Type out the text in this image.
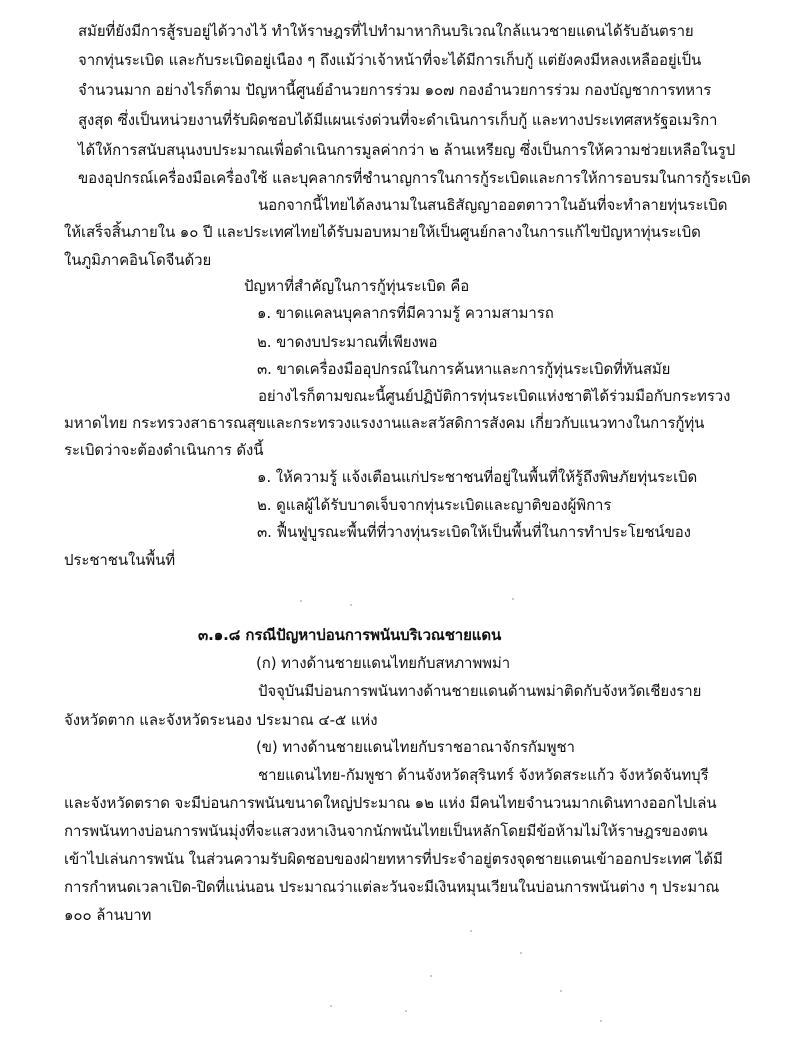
สมัยที่ยังมีการสู้รบอยู่ได้วางไว้ ทำให้ราษฎรที่ไปทำมาหากินบริเวณใกล้แนวชายแดนได้รับอันตราย
จากทุ่นระเบิด และกับระเบิดอยู่เนือง ๆ ถึงแม้ว่าเจ้าหน้าที่จะได้มีการเก็บกู้ แต่ยังคงมีหลงเหลืออยู่เป็น
จำนวนมาก อย่างไรก็ตาม ปัญหานี้ศูนย์อำนวยการร่วม ๑๐๗ กองอำนวยการร่วม กองบัญชาการทหาร
สูงสุด ซึ่งเป็นหน่วยงานที่รับผิดชอบได้มีแผนเร่งด่วนที่จะดำเนินการเก็บกู้ และทางประเทศสหรัฐอเมริกา
ได้ให้การสนับสนุนงบประมาณเพื่อดำเนินการมูลค่ากว่า ๒ ล้านเหรียญ ซึ่งเป็นการให้ความช่วยเหลือในรูป
ของอุปกรณ์เครื่องมือเครื่องใช้ และบุคลากรที่ชำนาญการในการกู้ระเบิดและการให้การอบรมในการกู้ระเบิด
นอกจากนี้ไทยได้ลงนามในสนธิสัญญาออตตาวาในอันที่จะทำลายทุ่นระเบิด
ให้เสร็จสิ้นภายใน ๑๐ ปี และประเทศไทยได้รับมอบหมายให้เป็นศูนย์กลางในการแก้ไขปัญหาทุ่นระเบิด
ในภูมิภาคอินโดจีนด้วย
ปัญหาที่สำคัญในการกู้ทุ่นระเบิด คือ
๑. ขาดแคลนบุคลากรที่มีความรู้ ความสามารถ
๒. ขาดงบประมาณที่เพียงพอ
๓. ขาดเครื่องมืออุปกรณ์ในการค้นหาและการกู้ทุ่นระเบิดที่ทันสมัย
อย่างไรก็ตามขณะนี้ศูนย์ปฏิบัติการทุ่นระเบิดแห่งชาติได้ร่วมมือกับกระทรวง
มหาดไทย กระทรวงสาธารณสุขและกระทรวงแรงงานและสวัสดิการสังคม เกี่ยวกับแนวทางในการกู้ทุ่น
ระเบิดว่าจะต้องดำเนินการ ดังนี้
๑. ให้ความรู้ แจ้งเตือนแก่ประชาชนที่อยู่ในพื้นที่ให้รู้ถึงพิษภัยทุ่นระเบิด
๒. ดูแลผู้ได้รับบาดเจ็บจากทุ่นระเบิดและญาติของผู้พิการ
๓. ฟื้นฟูบูรณะพื้นที่ที่วางทุ่นระเบิดให้เป็นพื้นที่ในการทำประโยชน์ของ
ประชาชนในพื้นที่
๓.๑.๘ กรณีปัญหาบ่อนการพนันบริเวณชายแดน
(ก) ทางด้านชายแดนไทยกับสหภาพพม่า
ปัจจุบันมีบ่อนการพนันทางด้านชายแดนด้านพม่าติดกับจังหวัดเชียงราย
จังหวัดตาก และจังหวัดระนอง ประมาณ ๔-๕ แห่ง
(ข) ทางด้านชายแดนไทยกับราชอาณาจักรกัมพูชา
ชายแดนไทย-กัมพูชา ด้านจังหวัดสุรินทร์ จังหวัดสระแก้ว จังหวัดจันทบุรี
และจังหวัดตราด จะมีบ่อนการพนันขนาดใหญ่ประมาณ ๑๒ แห่ง มีคนไทยจำนวนมากเดินทางออกไปเล่น
การพนันทางบ่อนการพนันมุ่งที่จะแสวงหาเงินจากนักพนันไทยเป็นหลักโดยมีข้อห้ามไม่ให้ราษฎรของตน
เข้าไปเล่นการพนัน ในส่วนความรับผิดชอบของฝ่ายทหารที่ประจำอยู่ตรงจุดชายแดนเข้าออกประเทศ ได้มี
การกำหนดเวลาเปิด-ปิดที่แน่นอน ประมาณว่าแต่ละวันจะมีเงินหมุนเวียนในบ่อนการพนันต่าง ๆ ประมาณ
๑๐๐ ล้านบาท
